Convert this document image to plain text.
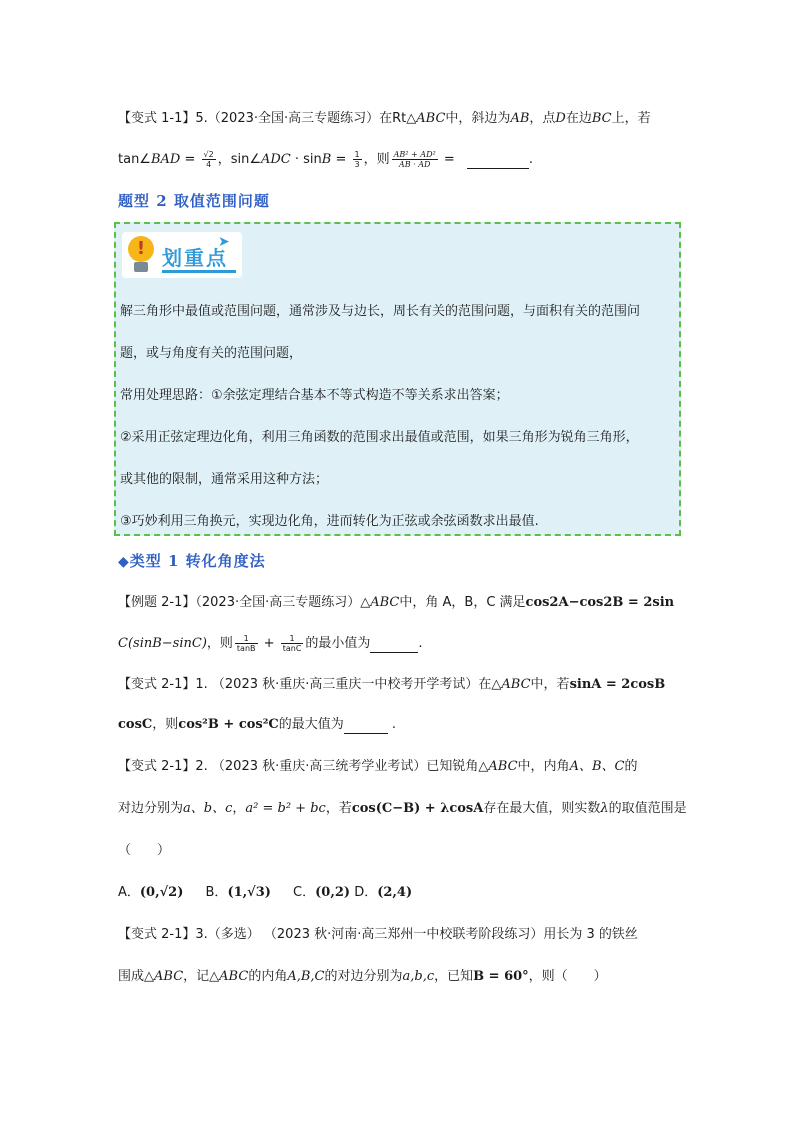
【变式 1-1】5.（2023·全国·高三专题练习）在Rt△ABC中，斜边为AB，点D在边BC上，若
tan∠BAD = $\frac{√2}{4}$ ，sin∠ADC · $\sin B = \frac{1}{3}$ ，则 $\frac{\text{AB² + AD²}}{AB \cdot AD}$ =	.
题型 2 取值范围问题
! 划重点
➤
解三角形中最值或范围问题，通常涉及与边长，周长有关的范围问题，与面积有关的范围问
题，或与角度有关的范围问题，
常用处理思路：①余弦定理结合基本不等式构造不等关系求出答案；
②采用正弦定理边化角，利用三角函数的范围求出最值或范围，如果三角形为锐角三角形，
或其他的限制，通常采用这种方法；
③巧妙利用三角换元，实现边化角，进而转化为正弦或余弦函数求出最值.
◆类型 1 转化角度法
【例题 2-1】（2023·全国·高三专题练习）△ABC中，角 A，B，C 满足cos2A−cos2B = 2sin
C(sinB−sinC)，则 $\frac{1}{\tan B} + \frac{1}{\tan C}$ 的最小值为	.
【变式 2-1】1. （2023 秋·重庆·高三重庆一中校考开学考试）在△ABC中，若sinA = 2cosB
cosC，则cos²B + cos²C的最大值为	.
【变式 2-1】2. （2023 秋·重庆·高三统考学业考试）已知锐角△ABC中，内角A、B、C的
对边分别为a、b、c，a² = b² + bc，若cos(C−B) + λcosA存在最大值，则实数λ的取值范围是
（　　）
A．(0,√2) B．(1,√3) C．(0,2) D．(2,4)
【变式 2-1】3.（多选） （2023 秋·河南·高三郑州一中校联考阶段练习）用长为 3 的铁丝
围成△ABC，记△ABC的内角A,B,C的对边分别为a,b,c，已知B = 60°，则（　　）
